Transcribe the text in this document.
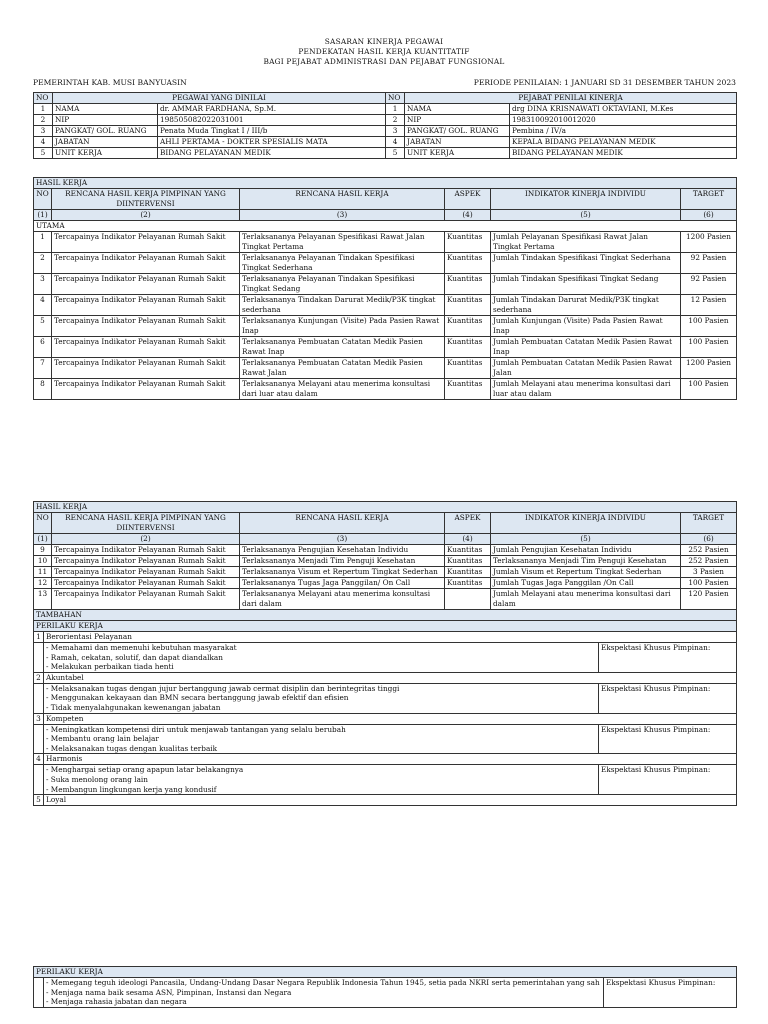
SASARAN KINERJA PEGAWAI
PENDEKATAN HASIL KERJA KUANTITATIF
BAGI PEJABAT ADMINISTRASI DAN PEJABAT FUNGSIONAL
PEMERINTAH KAB. MUSI BANYUASIN	PERIODE PENILAIAN: 1 JANUARI SD 31 DESEMBER TAHUN 2023
NO	PEGAWAI YANG DINILAI		NO	PEJABAT PENILAI KINERJA	
1	NAMA	dr. AMMAR FARDHANA, Sp.M.	1	NAMA	drg DINA KRISNAWATI OKTAVIANI, M.Kes
2	NIP	198505082022031001	2	NIP	198310092010012020
3	PANGKAT/ GOL. RUANG	Penata Muda Tingkat I / III/b	3	PANGKAT/ GOL. RUANG	Pembina / IV/a
4	JABATAN	AHLI PERTAMA - DOKTER SPESIALIS MATA	4	JABATAN	KEPALA BIDANG PELAYANAN MEDIK
5	UNIT KERJA	BIDANG PELAYANAN MEDIK	5	UNIT KERJA	BIDANG PELAYANAN MEDIK
HASIL KERJA					
NO	RENCANA HASIL KERJA PIMPINAN YANG DIINTERVENSI	RENCANA HASIL KERJA	ASPEK	INDIKATOR KINERJA INDIVIDU	TARGET
(1)	(2)	(3)	(4)	(5)	(6)
UTAMA					
1	Tercapainya Indikator Pelayanan Rumah Sakit	Terlaksananya Pelayanan Spesifikasi Rawat Jalan Tingkat Pertama	Kuantitas	Jumlah Pelayanan Spesifikasi Rawat Jalan Tingkat Pertama	1200 Pasien
2	Tercapainya Indikator Pelayanan Rumah Sakit	Terlaksananya Pelayanan Tindakan Spesifikasi Tingkat Sederhana	Kuantitas	Jumlah Tindakan Spesifikasi Tingkat Sederhana	92 Pasien
3	Tercapainya Indikator Pelayanan Rumah Sakit	Terlaksananya Pelayanan Tindakan Spesifikasi Tingkat Sedang	Kuantitas	Jumlah Tindakan Spesifikasi Tingkat Sedang	92 Pasien
4	Tercapainya Indikator Pelayanan Rumah Sakit	Terlaksananya Tindakan Darurat Medik/P3K tingkat sederhana	Kuantitas	Jumlah Tindakan Darurat Medik/P3K tingkat sederhana	12 Pasien
5	Tercapainya Indikator Pelayanan Rumah Sakit	Terlaksananya Kunjungan (Visite) Pada Pasien Rawat Inap	Kuantitas	Jumlah Kunjungan (Visite) Pada Pasien Rawat Inap	100 Pasien
6	Tercapainya Indikator Pelayanan Rumah Sakit	Terlaksananya Pembuatan Catatan Medik Pasien Rawat Inap	Kuantitas	Jumlah Pembuatan Catatan Medik Pasien Rawat Inap	100 Pasien
7	Tercapainya Indikator Pelayanan Rumah Sakit	Terlaksananya Pembuatan Catatan Medik Pasien Rawat Jalan	Kuantitas	Jumlah Pembuatan Catatan Medik Pasien Rawat Jalan	1200 Pasien
8	Tercapainya Indikator Pelayanan Rumah Sakit	Terlaksananya Melayani atau menerima konsultasi dari luar atau dalam	Kuantitas	Jumlah Melayani atau menerima konsultasi dari luar atau dalam	100 Pasien
HASIL KERJA							
NO		RENCANA HASIL KERJA PIMPINAN YANG DIINTERVENSI	RENCANA HASIL KERJA	ASPEK	INDIKATOR KINERJA INDIVIDU		TARGET
(1)		(2)	(3)	(4)	(5)		(6)
9		Tercapainya Indikator Pelayanan Rumah Sakit	Terlaksananya Pengujian Kesehatan Individu	Kuantitas	Jumlah Pengujian Kesehatan Individu		252 Pasien
10		Tercapainya Indikator Pelayanan Rumah Sakit	Terlaksananya Menjadi Tim Penguji Kesehatan	Kuantitas	Terlaksananya Menjadi Tim Penguji Kesehatan		252 Pasien
11		Tercapainya Indikator Pelayanan Rumah Sakit	Terlaksananya Visum et Repertum Tingkat Sederhan	Kuantitas	Jumlah Visum et Repertum Tingkat Sederhan		3 Pasien
12		Tercapainya Indikator Pelayanan Rumah Sakit	Terlaksananya Tugas Jaga Panggilan/ On Call	Kuantitas	Jumlah Tugas Jaga Panggilan /On Call		100 Pasien
13		Tercapainya Indikator Pelayanan Rumah Sakit	Terlaksananya Melayani atau menerima konsultasi dari dalam		Jumlah Melayani atau menerima konsultasi dari dalam		120 Pasien
TAMBAHAN							
PERILAKU KERJA							
1	Berorientasi Pelayanan						

	- Memahami dan memenuhi kebutuhan masyarakat
- Ramah, cekatan, solutif, dan dapat diandalkan
- Melakukan perbaikan tiada henti					Ekspektasi Khusus Pimpinan:	
2	Akuntabel						

	- Melaksanakan tugas dengan jujur bertanggung jawab cermat disiplin dan berintegritas tinggi
- Menggunakan kekayaan dan BMN secara bertanggung jawab efektif dan efisien
- Tidak menyalahgunakan kewenangan jabatan					Ekspektasi Khusus Pimpinan:	
3	Kompeten						

	- Meningkatkan kompetensi diri untuk menjawab tantangan yang selalu berubah
- Membantu orang lain belajar
- Melaksanakan tugas dengan kualitas terbaik					Ekspektasi Khusus Pimpinan:	
4	Harmonis						

	- Menghargai setiap orang apapun latar belakangnya
- Suka menolong orang lain
- Membangun lingkungan kerja yang kondusif					Ekspektasi Khusus Pimpinan:	
5	Loyal						
PERILAKU KERJA

- Memegang teguh ideologi Pancasila, Undang-Undang Dasar Negara Republik Indonesia Tahun 1945, setia pada NKRI serta pemerintahan yang sah
- Menjaga nama baik sesama ASN, Pimpinan, Instansi dan Negara
- Menjaga rahasia jabatan dan negara
	Ekspektasi Khusus Pimpinan:
